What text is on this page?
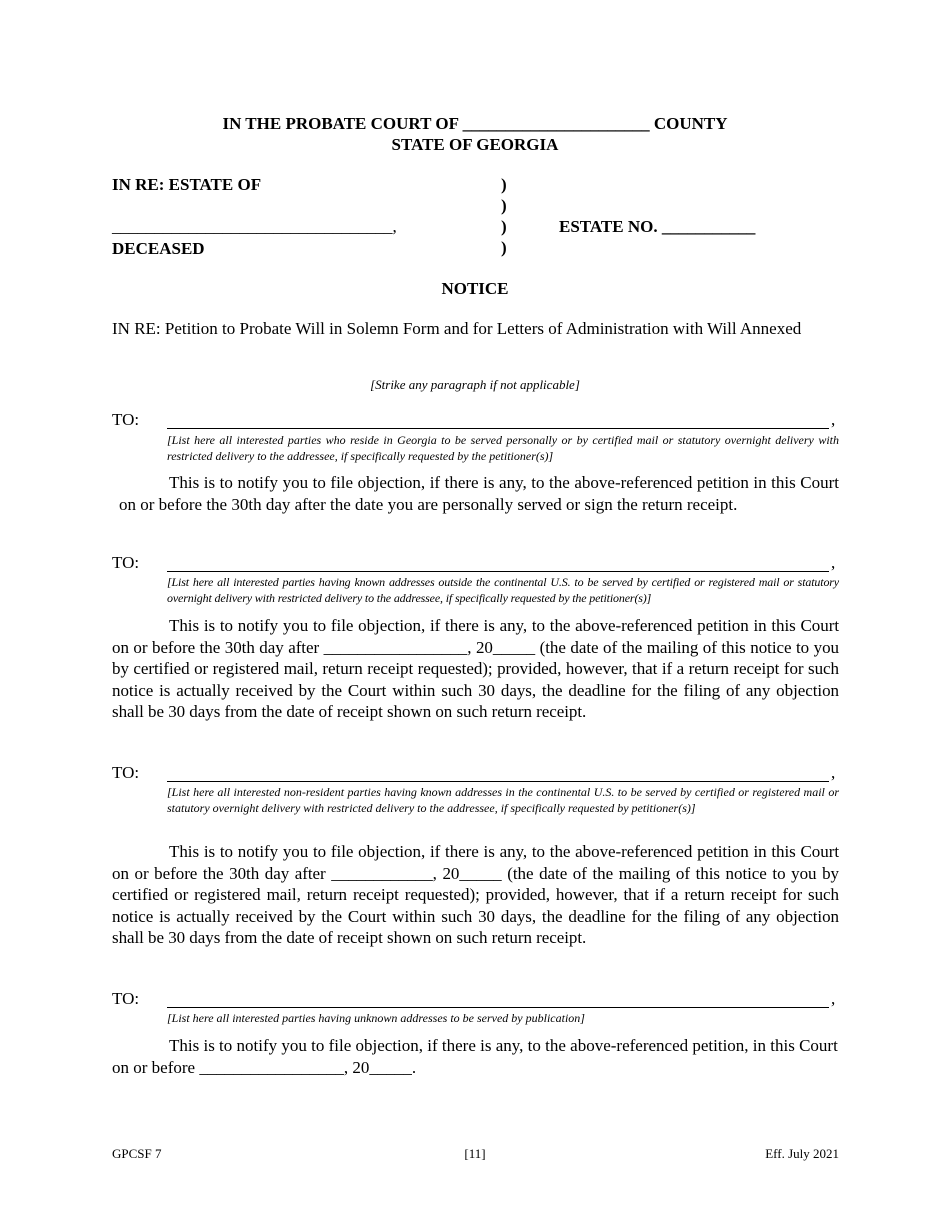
IN THE PROBATE COURT OF ______________________ COUNTY
STATE OF GEORGIA
IN RE: ESTATE OF
_________________________________,
DECEASED
)
)
)
)
ESTATE NO. ___________
NOTICE
IN RE: Petition to Probate Will in Solemn Form and for Letters of Administration with Will Annexed
[Strike any paragraph if not applicable]
TO:	,
[List here all interested parties who reside in Georgia to be served personally or by certified mail or statutory overnight delivery with restricted delivery to the addressee, if specifically requested by the petitioner(s)]
This is to notify you to file objection, if there is any, to the above-referenced petition in this Court on or before the 30th day after the date you are personally served or sign the return receipt.
TO:	,
[List here all interested parties having known addresses outside the continental U.S. to be served by certified or registered mail or statutory overnight delivery with restricted delivery to the addressee, if specifically requested by the petitioner(s)]
This is to notify you to file objection, if there is any, to the above-referenced petition in this Court on or before the 30th day after _________________, 20_____ (the date of the mailing of this notice to you by certified or registered mail, return receipt requested); provided, however, that if a return receipt for such notice is actually received by the Court within such 30 days, the deadline for the filing of any objection shall be 30 days from the date of receipt shown on such return receipt.
TO:	,
[List here all interested non-resident parties having known addresses in the continental U.S. to be served by certified or registered mail or statutory overnight delivery with restricted delivery to the addressee, if specifically requested by petitioner(s)]
This is to notify you to file objection, if there is any, to the above-referenced petition in this Court on or before the 30th day after ____________, 20_____ (the date of the mailing of this notice to you by certified or registered mail, return receipt requested); provided, however, that if a return receipt for such notice is actually received by the Court within such 30 days, the deadline for the filing of any objection shall be 30 days from the date of receipt shown on such return receipt.
TO:	,
[List here all interested parties having unknown addresses to be served by publication]
This is to notify you to file objection, if there is any, to the above-referenced petition, in this Court on or before _________________, 20_____.
GPCSF 7	[11]	Eff. July 2021
